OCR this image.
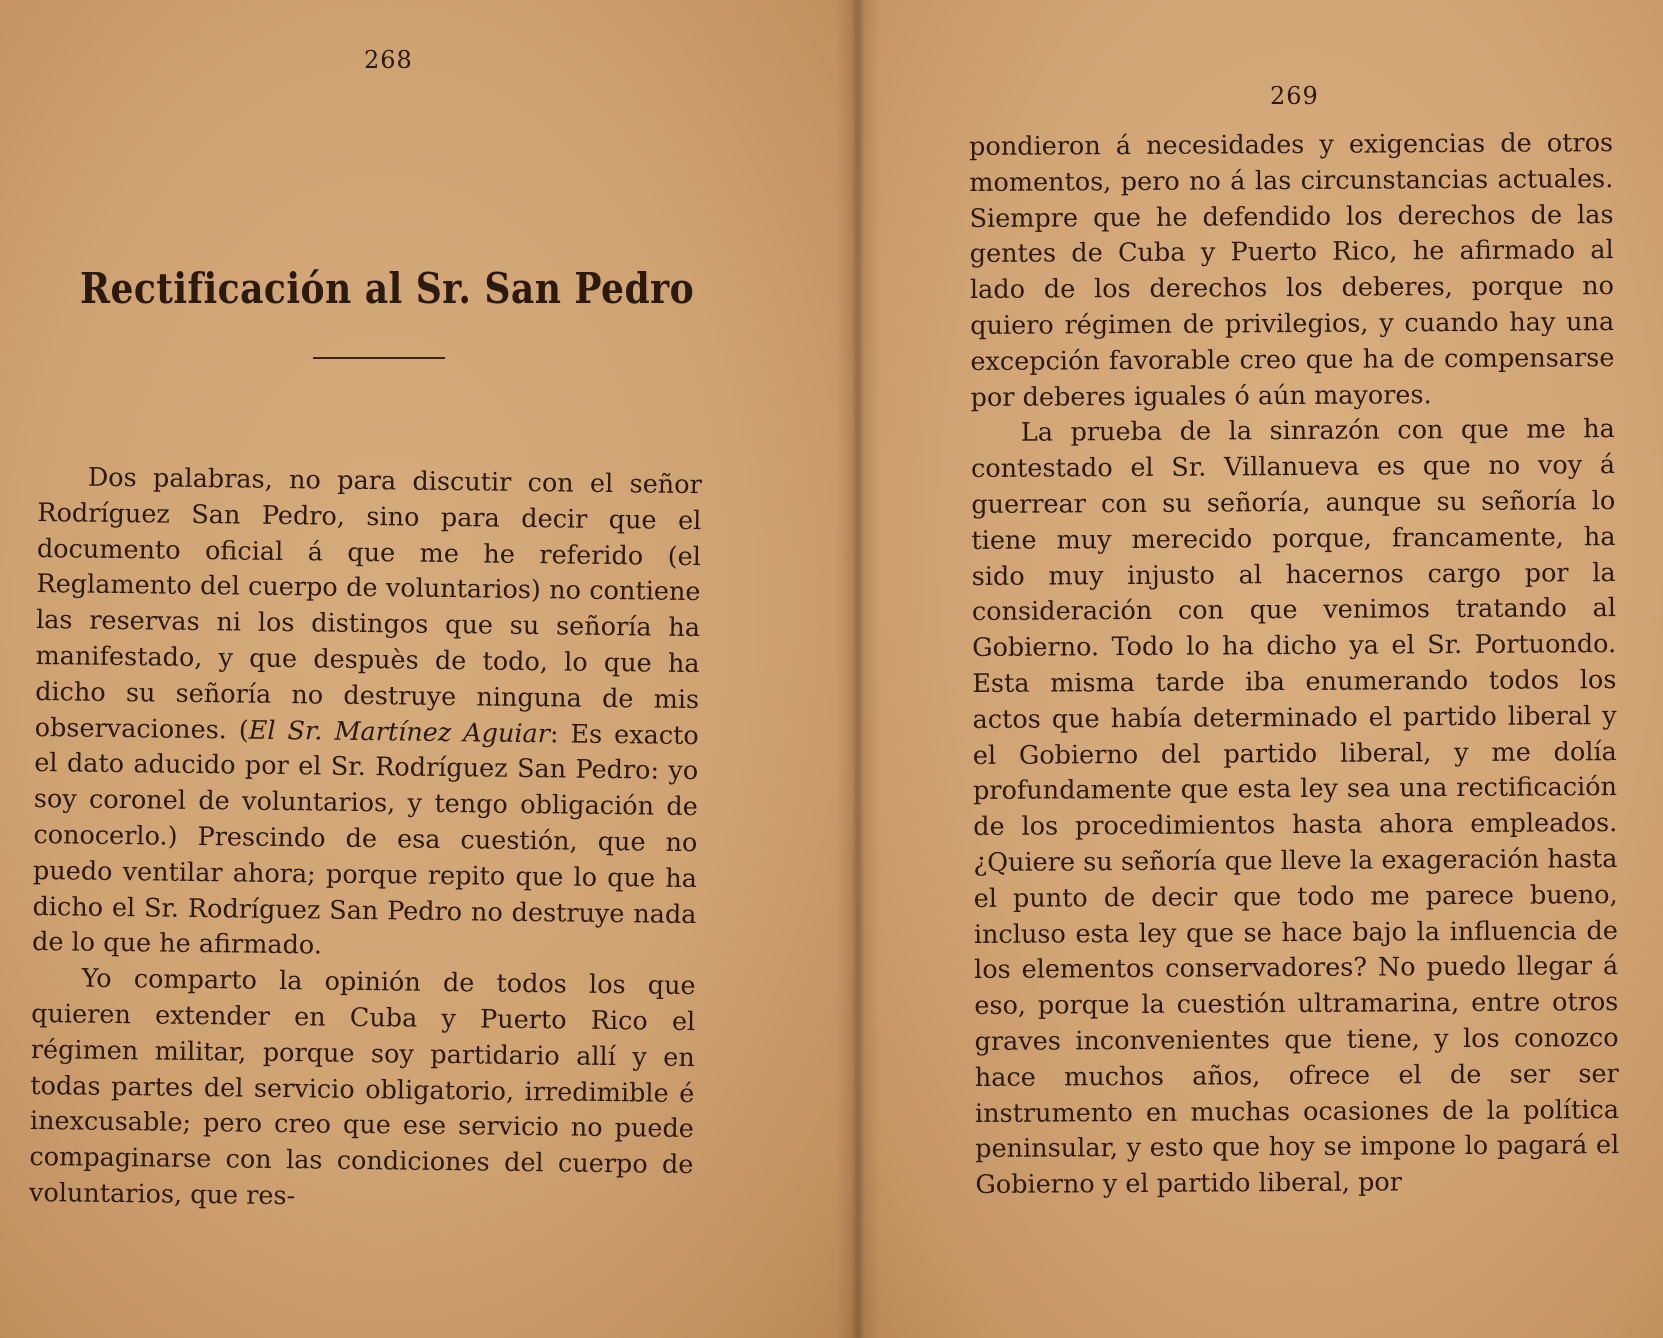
268
Rectificación al Sr. San Pedro

Dos palabras, no para discutir con el señor Rodríguez San Pedro, sino para decir que el documento oficial á que me he referido (el Reglamento del cuerpo de voluntarios) no contiene las reservas ni los distingos que su señoría ha manifestado, y que despuès de todo, lo que ha dicho su señoría no destruye ninguna de mis observaciones. (El Sr. Martínez Aguiar: Es exacto el dato aducido por el Sr. Rodríguez San Pedro: yo soy coronel de voluntarios, y tengo obligación de conocerlo.) Prescindo de esa cuestión, que no puedo ventilar ahora; porque repito que lo que ha dicho el Sr. Rodríguez San Pedro no destruye nada de lo que he afirmado.

Yo comparto la opinión de todos los que quieren extender en Cuba y Puerto Rico el régimen militar, porque soy partidario allí y en todas partes del servicio obligatorio, irredimible é inexcusable; pero creo que ese servicio no puede compaginarse con las condiciones del cuerpo de voluntarios, que res-

269

pondieron á necesidades y exigencias de otros momentos, pero no á las circunstancias actuales. Siempre que he defendido los derechos de las gentes de Cuba y Puerto Rico, he afirmado al lado de los derechos los deberes, porque no quiero régimen de privilegios, y cuando hay una excepción favorable creo que ha de compensarse por deberes iguales ó aún mayores.

La prueba de la sinrazón con que me ha contestado el Sr. Villanueva es que no voy á guerrear con su señoría, aunque su señoría lo tiene muy merecido porque, francamente, ha sido muy injusto al hacernos cargo por la consideración con que venimos tratando al Gobierno. Todo lo ha dicho ya el Sr. Portuondo. Esta misma tarde iba enumerando todos los actos que había determinado el partido liberal y el Gobierno del partido liberal, y me dolía profundamente que esta ley sea una rectificación de los procedimientos hasta ahora empleados. ¿Quiere su señoría que lleve la exageración hasta el punto de decir que todo me parece bueno, incluso esta ley que se hace bajo la influencia de los elementos conservadores? No puedo llegar á eso, porque la cuestión ultramarina, entre otros graves inconvenientes que tiene, y los conozco hace muchos años, ofrece el de ser ser instrumento en muchas ocasiones de la política peninsular, y esto que hoy se impone lo pagará el Gobierno y el partido liberal, por
